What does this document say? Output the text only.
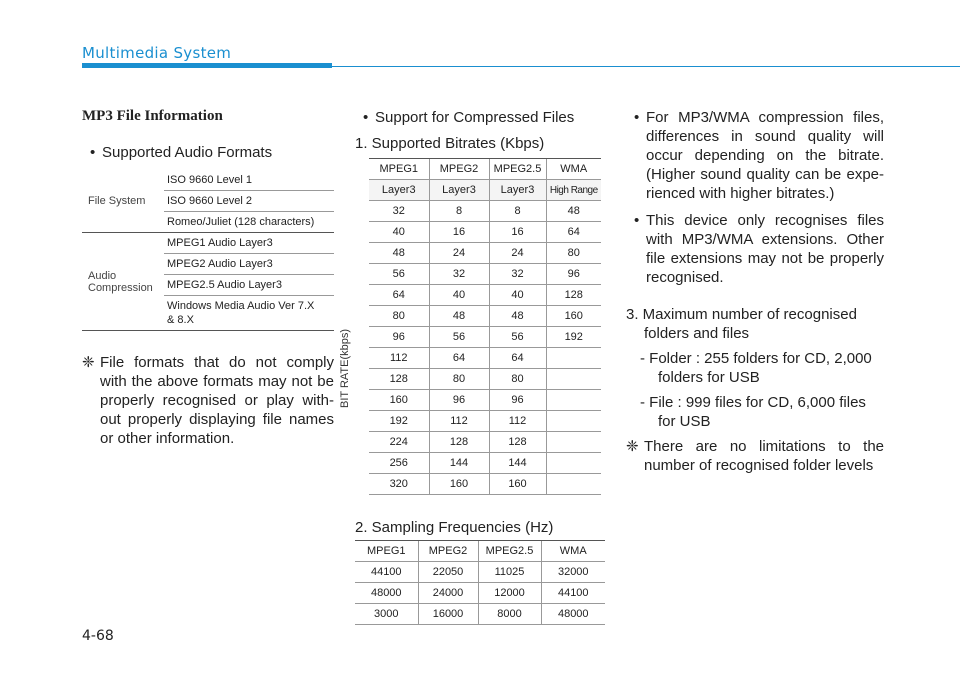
Multimedia System
MP3 File Information
• Supported Audio Formats
File System	ISO 9660 Level 1
	ISO 9660 Level 2
	Romeo/Juliet (128 characters)
Audio
Compression	MPEG1 Audio Layer3
	MPEG2 Audio Layer3
	MPEG2.5 Audio Layer3
	Windows Media Audio Ver 7.X
& 8.X
❈ File formats that do not comply with the above formats may not be properly recognised or play with-out properly displaying file names or other information.
• Support for Compressed Files
1. Supported Bitrates (Kbps)
BIT RATE(kbps)
MPEG1	MPEG2	MPEG2.5	WMA
Layer3	Layer3	Layer3	High Range
32	8	8	48
40	16	16	64
48	24	24	80
56	32	32	96
64	40	40	128
80	48	48	160
96	56	56	192
112	64	64	
128	80	80	
160	96	96	
192	112	112	
224	128	128	
256	144	144	
320	160	160	
2. Sampling Frequencies (Hz)
MPEG1	MPEG2	MPEG2.5	WMA
44100	22050	11025	32000
48000	24000	12000	44100
3000	16000	8000	48000
• For MP3/WMA compression files, differences in sound quality will occur depending on the bitrate. (Higher sound quality can be expe-rienced with higher bitrates.)
• This device only recognises files with MP3/WMA extensions. Other file extensions may not be properly recognised.
3. Maximum number of recognised folders and files
- Folder : 255 folders for CD, 2,000 folders for USB
- File : 999 files for CD, 6,000 files for USB
❈ There are no limitations to the number of recognised folder levels
4-68
